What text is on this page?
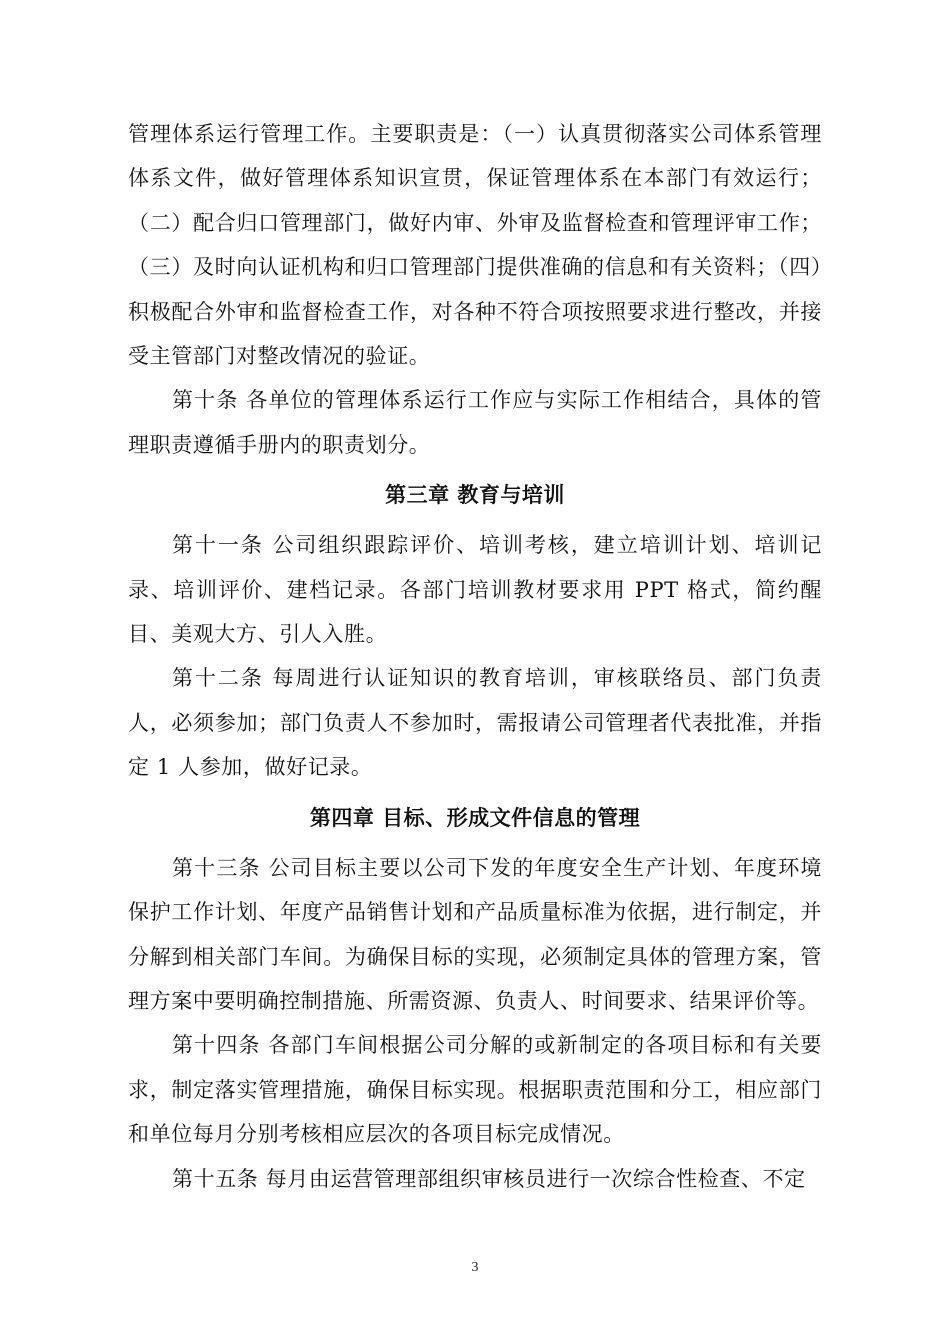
管理体系运行管理工作。主要职责是：（一）认真贯彻落实公司体系管理体系文件，做好管理体系知识宣贯，保证管理体系在本部门有效运行；（二）配合归口管理部门，做好内审、外审及监督检查和管理评审工作；（三）及时向认证机构和归口管理部门提供准确的信息和有关资料；（四）积极配合外审和监督检查工作，对各种不符合项按照要求进行整改，并接受主管部门对整改情况的验证。

第十条 各单位的管理体系运行工作应与实际工作相结合，具体的管理职责遵循手册内的职责划分。

第三章 教育与培训

第十一条 公司组织跟踪评价、培训考核，建立培训计划、培训记录、培训评价、建档记录。各部门培训教材要求用 PPT 格式，简约醒目、美观大方、引人入胜。

第十二条 每周进行认证知识的教育培训，审核联络员、部门负责人，必须参加；部门负责人不参加时，需报请公司管理者代表批准，并指定 1 人参加，做好记录。

第四章 目标、形成文件信息的管理

第十三条 公司目标主要以公司下发的年度安全生产计划、年度环境保护工作计划、年度产品销售计划和产品质量标准为依据，进行制定，并分解到相关部门车间。为确保目标的实现，必须制定具体的管理方案，管理方案中要明确控制措施、所需资源、负责人、时间要求、结果评价等。

第十四条 各部门车间根据公司分解的或新制定的各项目标和有关要求，制定落实管理措施，确保目标实现。根据职责范围和分工，相应部门和单位每月分别考核相应层次的各项目标完成情况。

第十五条 每月由运营管理部组织审核员进行一次综合性检查、不定

3
